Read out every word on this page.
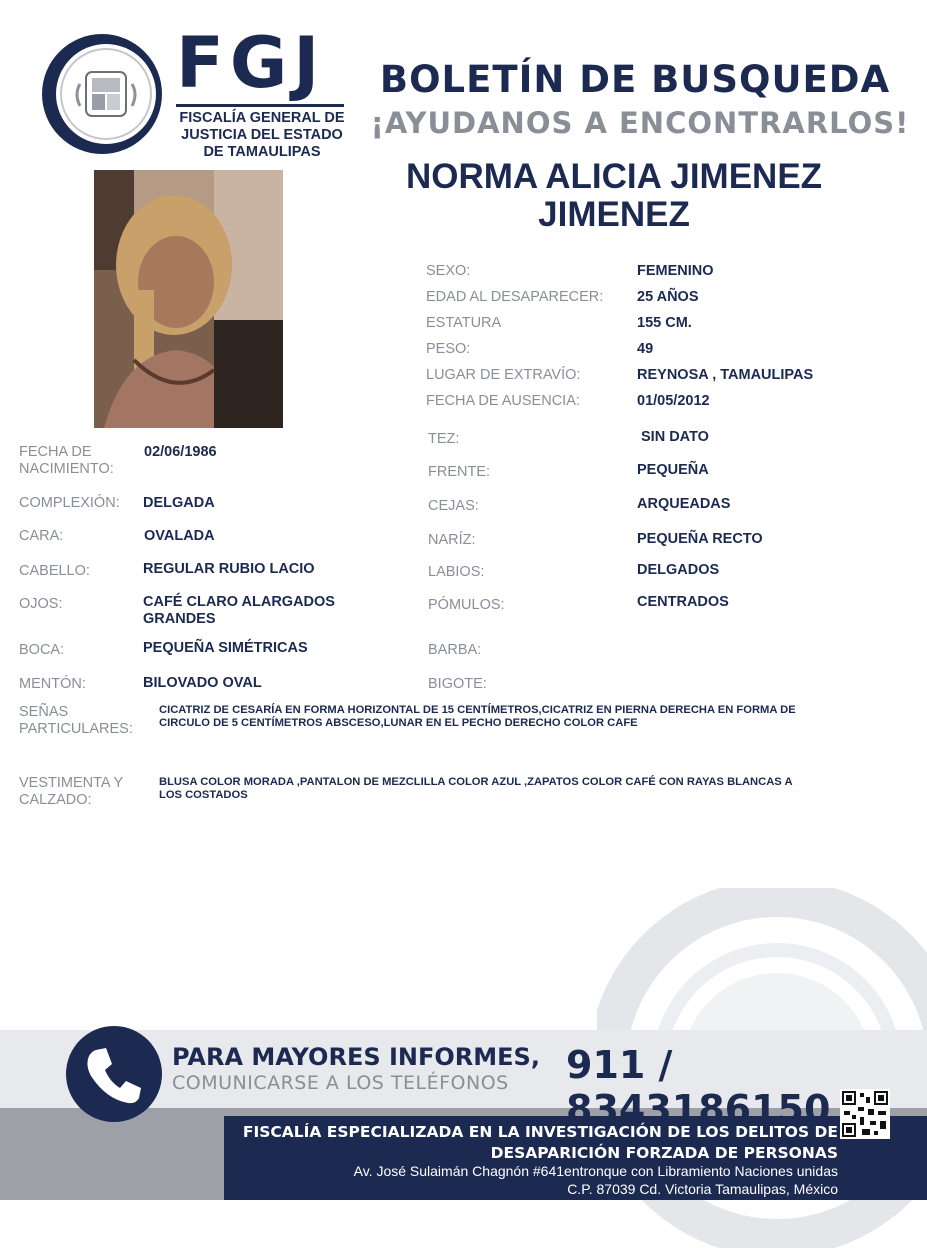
FGJ
FISCALÍA GENERAL DE
JUSTICIA DEL ESTADO
DE TAMAULIPAS
BOLETÍN DE BUSQUEDA
¡AYUDANOS A ENCONTRARLOS!
NORMA ALICIA JIMENEZ
JIMENEZ
SEXO:	FEMENINO
EDAD AL DESAPARECER: 25 AÑOS
ESTATURA	155 CM.
PESO:	49
LUGAR DE EXTRAVÍO:	REYNOSA , TAMAULIPAS
FECHA DE AUSENCIA:	01/05/2012
TEZ:	SIN DATO
FRENTE:	PEQUEÑA
CEJAS:	ARQUEADAS
NARÍZ:	PEQUEÑA RECTO
LABIOS:	DELGADOS
PÓMULOS:	CENTRADOS
BARBA:
BIGOTE:
FECHA DE
NACIMIENTO:
02/06/1986
COMPLEXIÓN: DELGADA
CARA:	OVALADA
CABELLO:	REGULAR RUBIO LACIO
OJOS:	CAFÉ CLARO ALARGADOS
GRANDES
BOCA:	PEQUEÑA SIMÉTRICAS
MENTÓN:	BILOVADO OVAL
SEÑAS
PARTICULARES:
CICATRIZ DE CESARÍA EN FORMA HORIZONTAL DE 15 CENTÍMETROS,CICATRIZ EN PIERNA DERECHA EN FORMA DE
CIRCULO DE 5 CENTÍMETROS ABSCESO,LUNAR EN EL PECHO DERECHO COLOR CAFE
VESTIMENTA Y
CALZADO:
BLUSA COLOR MORADA ,PANTALON DE MEZCLILLA COLOR AZUL ,ZAPATOS COLOR CAFÉ CON RAYAS BLANCAS A
LOS COSTADOS
PARA MAYORES INFORMES,
COMUNICARSE A LOS TELÉFONOS 911 / 8343186150
FISCALÍA ESPECIALIZADA EN LA INVESTIGACIÓN DE LOS DELITOS DE
DESAPARICIÓN FORZADA DE PERSONAS
Av. José Sulaimán Chagnón #641entronque con Libramiento Naciones unidas
C.P. 87039 Cd. Victoria Tamaulipas, México
